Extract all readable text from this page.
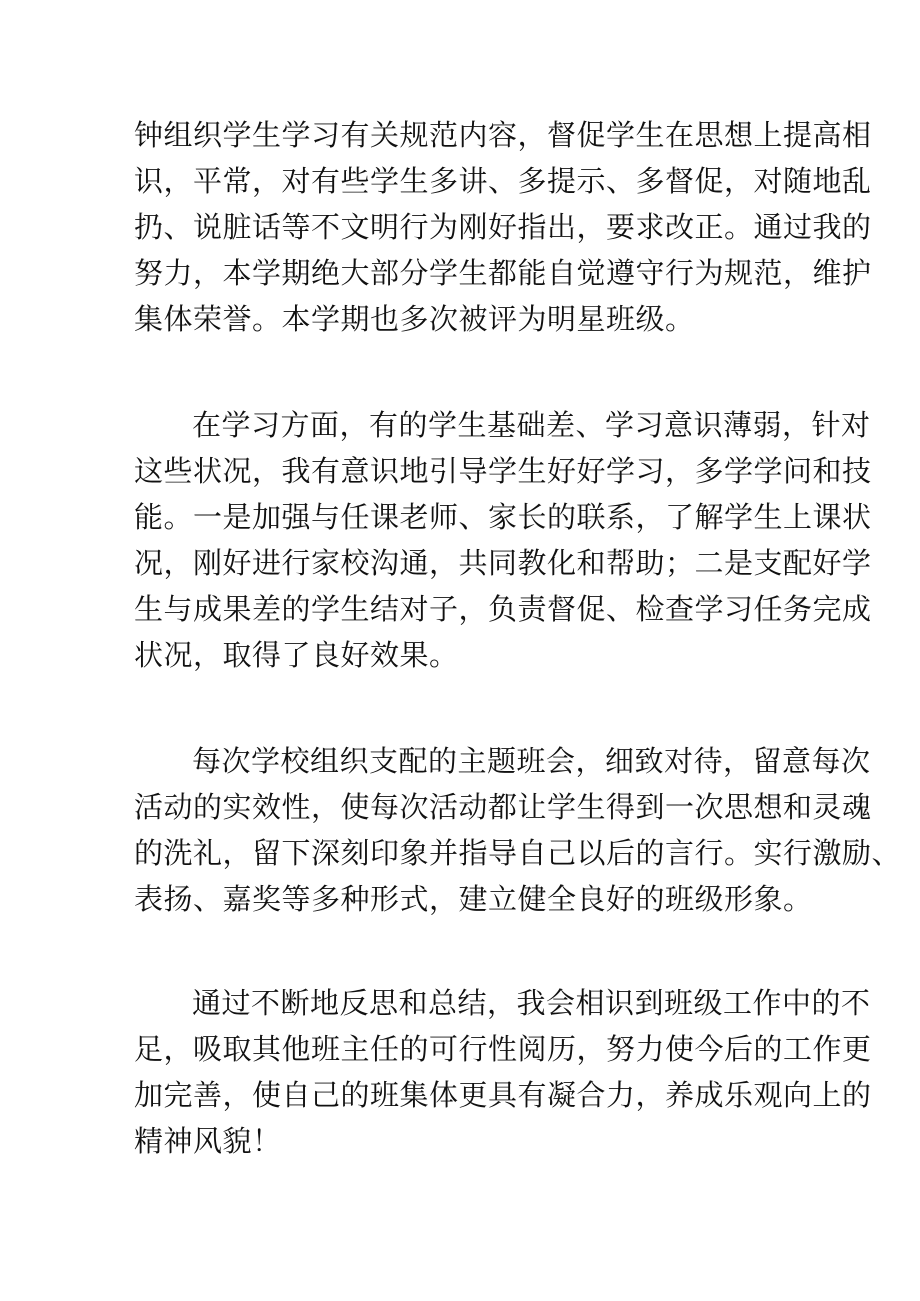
钟组织学生学习有关规范内容，督促学生在思想上提高相
识，平常，对有些学生多讲、多提示、多督促，对随地乱
扔、说脏话等不文明行为刚好指出，要求改正。通过我的
努力，本学期绝大部分学生都能自觉遵守行为规范，维护
集体荣誉。本学期也多次被评为明星班级。
在学习方面，有的学生基础差、学习意识薄弱，针对
这些状况，我有意识地引导学生好好学习，多学学问和技
能。一是加强与任课老师、家长的联系，了解学生上课状
况，刚好进行家校沟通，共同教化和帮助；二是支配好学
生与成果差的学生结对子，负责督促、检查学习任务完成
状况，取得了良好效果。
每次学校组织支配的主题班会，细致对待，留意每次
活动的实效性，使每次活动都让学生得到一次思想和灵魂
的洗礼，留下深刻印象并指导自己以后的言行。实行激励、
表扬、嘉奖等多种形式，建立健全良好的班级形象。
通过不断地反思和总结，我会相识到班级工作中的不
足，吸取其他班主任的可行性阅历，努力使今后的工作更
加完善，使自己的班集体更具有凝合力，养成乐观向上的
精神风貌！
